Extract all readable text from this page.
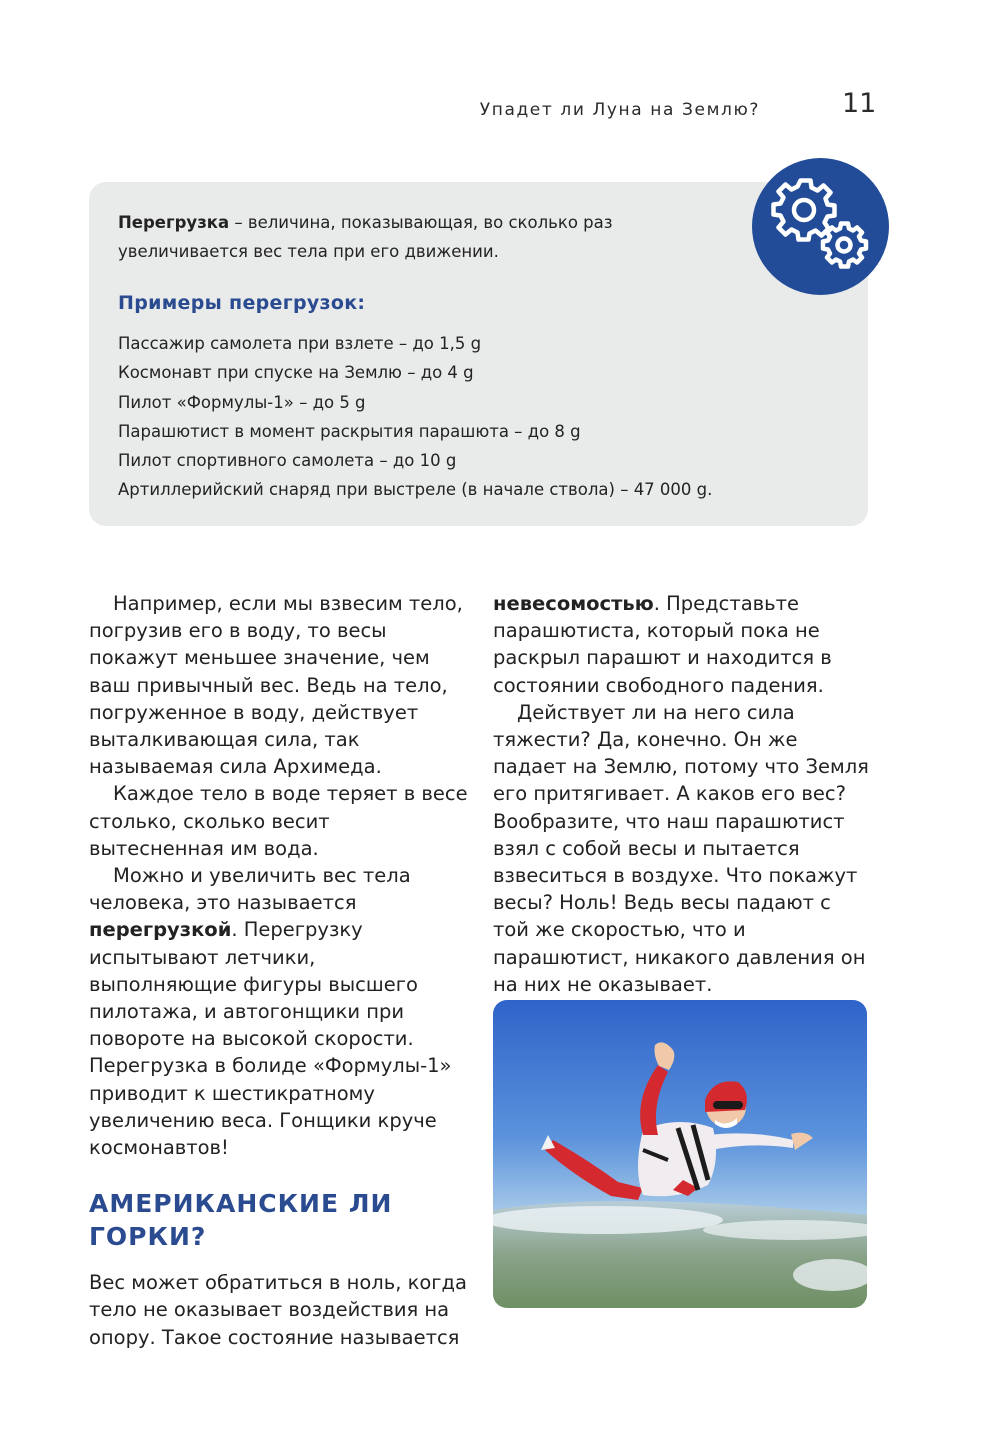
Упадет ли Луна на Землю?	11
Перегрузка – величина, показывающая, во сколько раз увеличивается вес тела при его движении.
Примеры перегрузок:
Пассажир самолета при взлете – до 1,5 g
Космонавт при спуске на Землю – до 4 g
Пилот «Формулы-1» – до 5 g
Парашютист в момент раскрытия парашюта – до 8 g
Пилот спортивного самолета – до 10 g
Артиллерийский снаряд при выстреле (в начале ствола) – 47 000 g.

Например, если мы взвесим тело, погрузив его в воду, то весы покажут меньшее значение, чем ваш привычный вес. Ведь на тело, погруженное в воду, действует выталкивающая сила, так называемая сила Архимеда.

Каждое тело в воде теряет в весе столько, сколько весит вытесненная им вода.

Можно и увеличить вес тела человека, это называется перегрузкой. Перегрузку испытывают летчики, выполняющие фигуры высшего пилотажа, и автогонщики при повороте на высокой скорости. Перегрузка в болиде «Формулы-1» приводит к шестикратному увеличению веса. Гонщики круче космонавтов!

АМЕРИКАНСКИЕ ЛИ ГОРКИ?

Вес может обратиться в ноль, когда тело не оказывает воздействия на опору. Такое состояние называется

невесомостью. Представьте парашютиста, который пока не раскрыл парашют и находится в состоянии свободного падения.

Действует ли на него сила тяжести? Да, конечно. Он же падает на Землю, потому что Земля его притягивает. А каков его вес? Вообразите, что наш парашютист взял с собой весы и пытается взвеситься в воздухе. Что покажут весы? Ноль! Ведь весы падают с той же скоростью, что и парашютист, никакого давления он на них не оказывает.
